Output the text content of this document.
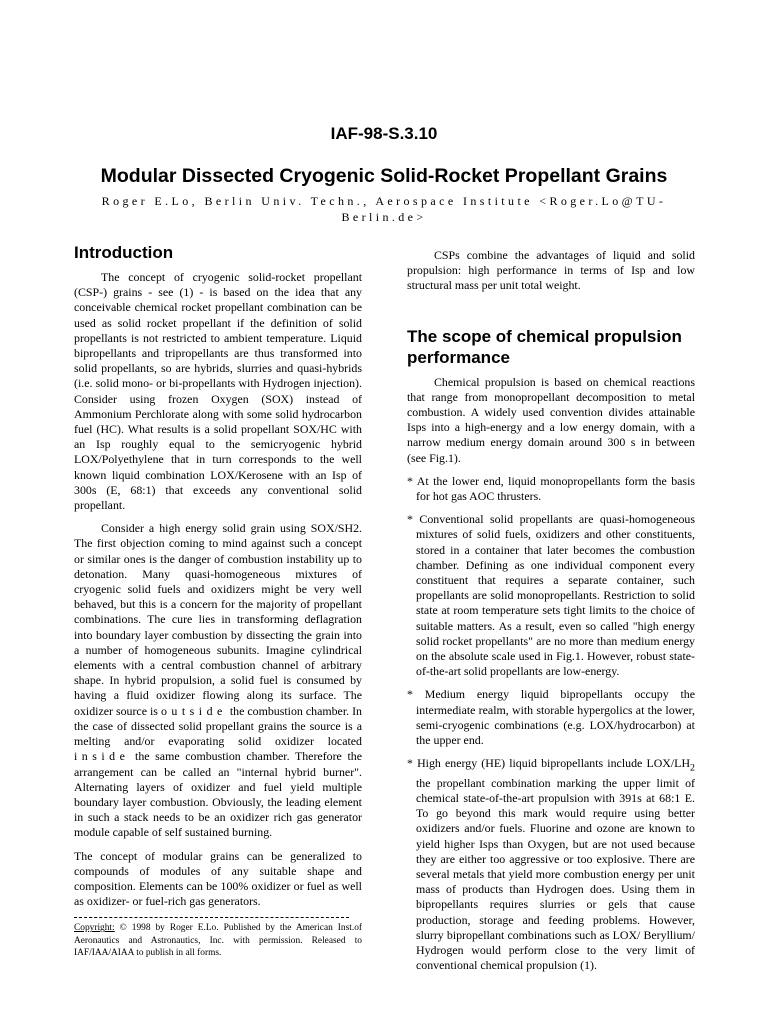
IAF-98-S.3.10
Modular Dissected Cryogenic Solid-Rocket Propellant Grains
Roger E.Lo, Berlin Univ. Techn., Aerospace Institute <Roger.Lo@TU-Berlin.de>
Introduction

The concept of cryogenic solid-rocket propellant (CSP-) grains - see (1) - is based on the idea that any conceivable chemical rocket propellant combination can be used as solid rocket propellant if the definition of solid propellants is not restricted to ambient temperature. Liquid bipropellants and tripropellants are thus transformed into solid propellants, so are hybrids, slurries and quasi-hybrids (i.e. solid mono- or bi-propellants with Hydrogen injection). Consider using frozen Oxygen (SOX) instead of Ammonium Perchlorate along with some solid hydrocarbon fuel (HC). What results is a solid propellant SOX/HC with an Isp roughly equal to the semicryogenic hybrid LOX/Polyethylene that in turn corresponds to the well known liquid combination LOX/Kerosene with an Isp of 300s (E, 68:1) that exceeds any conventional solid propellant.

Consider a high energy solid grain using SOX/SH2. The first objection coming to mind against such a concept or similar ones is the danger of combustion instability up to detonation. Many quasi-homogeneous mixtures of cryogenic solid fuels and oxidizers might be very well behaved, but this is a concern for the majority of propellant combinations. The cure lies in transforming deflagration into boundary layer combustion by dissecting the grain into a number of homogeneous subunits. Imagine cylindrical elements with a central combustion channel of arbitrary shape. In hybrid propulsion, a solid fuel is consumed by having a fluid oxidizer flowing along its surface. The oxidizer source is outside the combustion chamber. In the case of dissected solid propellant grains the source is a melting and/or evaporating solid oxidizer located inside the same combustion chamber. Therefore the arrangement can be called an "internal hybrid burner". Alternating layers of oxidizer and fuel yield multiple boundary layer combustion. Obviously, the leading element in such a stack needs to be an oxidizer rich gas generator module capable of self sustained burning.

The concept of modular grains can be generalized to compounds of modules of any suitable shape and composition. Elements can be 100% oxidizer or fuel as well as oxidizer- or fuel-rich gas generators.

Copyright: © 1998 by Roger E.Lo. Published by the American Inst.of Aeronautics and Astronautics, Inc. with permission. Released to IAF/IAA/AIAA to publish in all forms.

CSPs combine the advantages of liquid and solid propulsion: high performance in terms of Isp and low structural mass per unit total weight.

The scope of chemical propulsion performance

Chemical propulsion is based on chemical reactions that range from monopropellant decomposition to metal combustion. A widely used convention divides attainable Isps into a high-energy and a low energy domain, with a narrow medium energy domain around 300 s in between (see Fig.1).

* At the lower end, liquid monopropellants form the basis for hot gas AOC thrusters.

* Conventional solid propellants are quasi-homogeneous mixtures of solid fuels, oxidizers and other constituents, stored in a container that later becomes the combustion chamber. Defining as one individual component every constituent that requires a separate container, such propellants are solid monopropellants. Restriction to solid state at room temperature sets tight limits to the choice of suitable matters. As a result, even so called "high energy solid rocket propellants" are no more than medium energy on the absolute scale used in Fig.1. However, robust state-of-the-art solid propellants are low-energy.

* Medium energy liquid bipropellants occupy the intermediate realm, with storable hypergolics at the lower, semi-cryogenic combinations (e.g. LOX/hydrocarbon) at the upper end.

* High energy (HE) liquid bipropellants include LOX/$LH_2$ the propellant combination marking the upper limit of chemical state-of-the-art propulsion with 391s at 68:1 E. To go beyond this mark would require using better oxidizers and/or fuels. Fluorine and ozone are known to yield higher Isps than Oxygen, but are not used because they are either too aggressive or too explosive. There are several metals that yield more combustion energy per unit mass of products than Hydrogen does. Using them in bipropellants requires slurries or gels that cause production, storage and feeding problems. However, slurry bipropellant combinations such as LOX/ Beryllium/ Hydrogen would perform close to the very limit of conventional chemical propulsion (1).
